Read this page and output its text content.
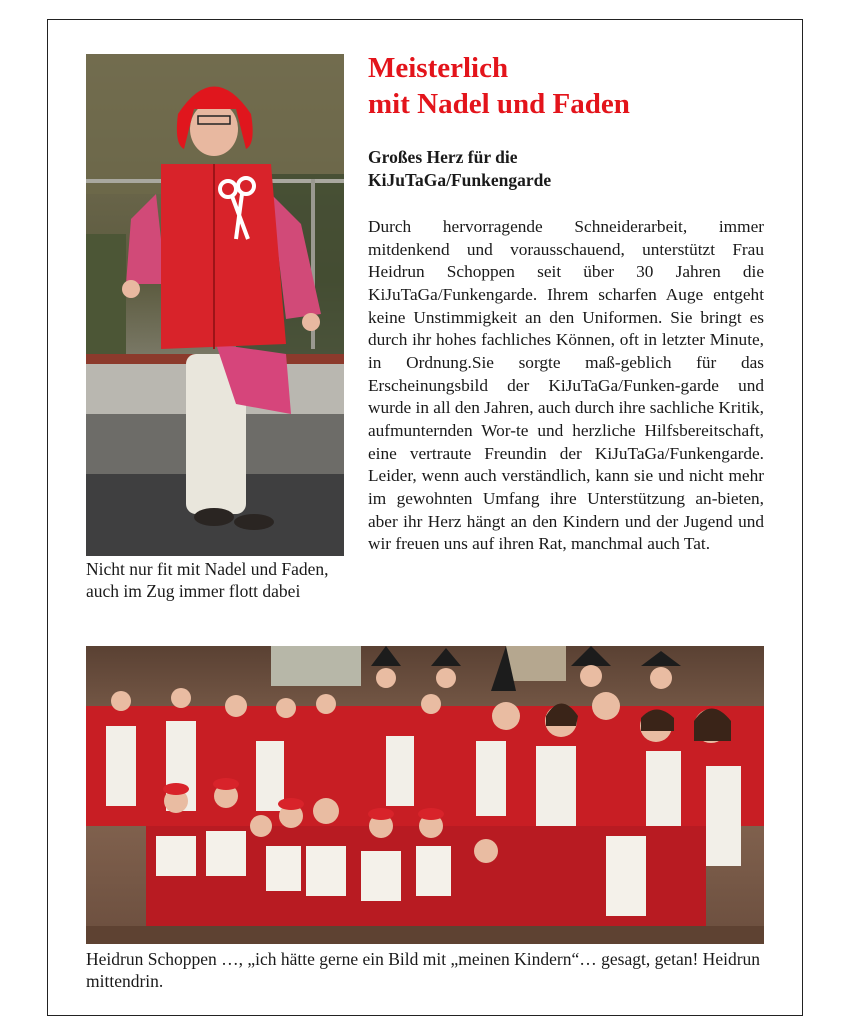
Nicht nur fit mit Nadel und Faden, auch im Zug immer flott dabei
Meisterlich
mit Nadel und Faden
Großes Herz für die
KiJuTaGa/Funkengarde
Durch hervorragende Schneiderarbeit, immer mitdenkend und vorausschauend, unterstützt Frau Heidrun Schoppen seit über 30 Jahren die KiJuTaGa/Funkengarde. Ihrem scharfen Auge entgeht keine Unstimmigkeit an den Uniformen. Sie bringt es durch ihr hohes fachliches Können, oft in letzter Minute, in Ordnung.Sie sorgte maß-geblich für das Erscheinungsbild der KiJuTaGa/Funken-garde und wurde in all den Jahren, auch durch ihre sachliche Kritik, aufmunternden Wor-te und herzliche Hilfsbereitschaft, eine vertraute Freundin der KiJuTaGa/Funkengarde. Leider, wenn auch verständlich, kann sie und nicht mehr im gewohnten Umfang ihre Unterstützung an-bieten, aber ihr Herz hängt an den Kindern und der Jugend und wir freuen uns auf ihren Rat, manchmal auch Tat.
Heidrun Schoppen …, „ich hätte gerne ein Bild mit „meinen Kindern“… gesagt, getan! Heidrun mittendrin.
